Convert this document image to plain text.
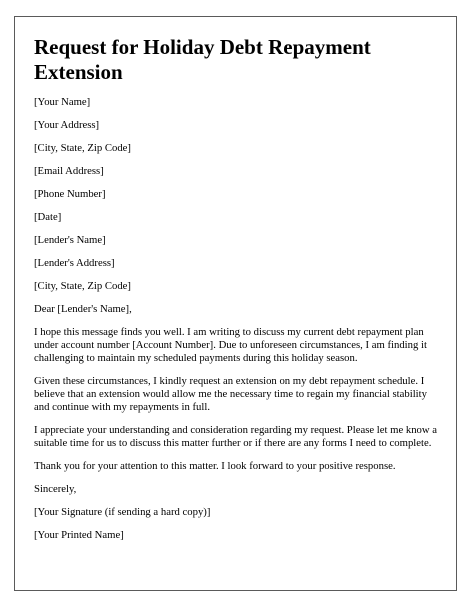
Request for Holiday Debt Repayment Extension
[Your Name]
[Your Address]
[City, State, Zip Code]
[Email Address]
[Phone Number]
[Date]
[Lender's Name]
[Lender's Address]
[City, State, Zip Code]
Dear [Lender's Name],

I hope this message finds you well. I am writing to discuss my current debt repayment plan under account number [Account Number]. Due to unforeseen circumstances, I am finding it challenging to maintain my scheduled payments during this holiday season.

Given these circumstances, I kindly request an extension on my debt repayment schedule. I believe that an extension would allow me the necessary time to regain my financial stability and continue with my repayments in full.

I appreciate your understanding and consideration regarding my request. Please let me know a suitable time for us to discuss this matter further or if there are any forms I need to complete.

Thank you for your attention to this matter. I look forward to your positive response.

Sincerely,
[Your Signature (if sending a hard copy)]
[Your Printed Name]
